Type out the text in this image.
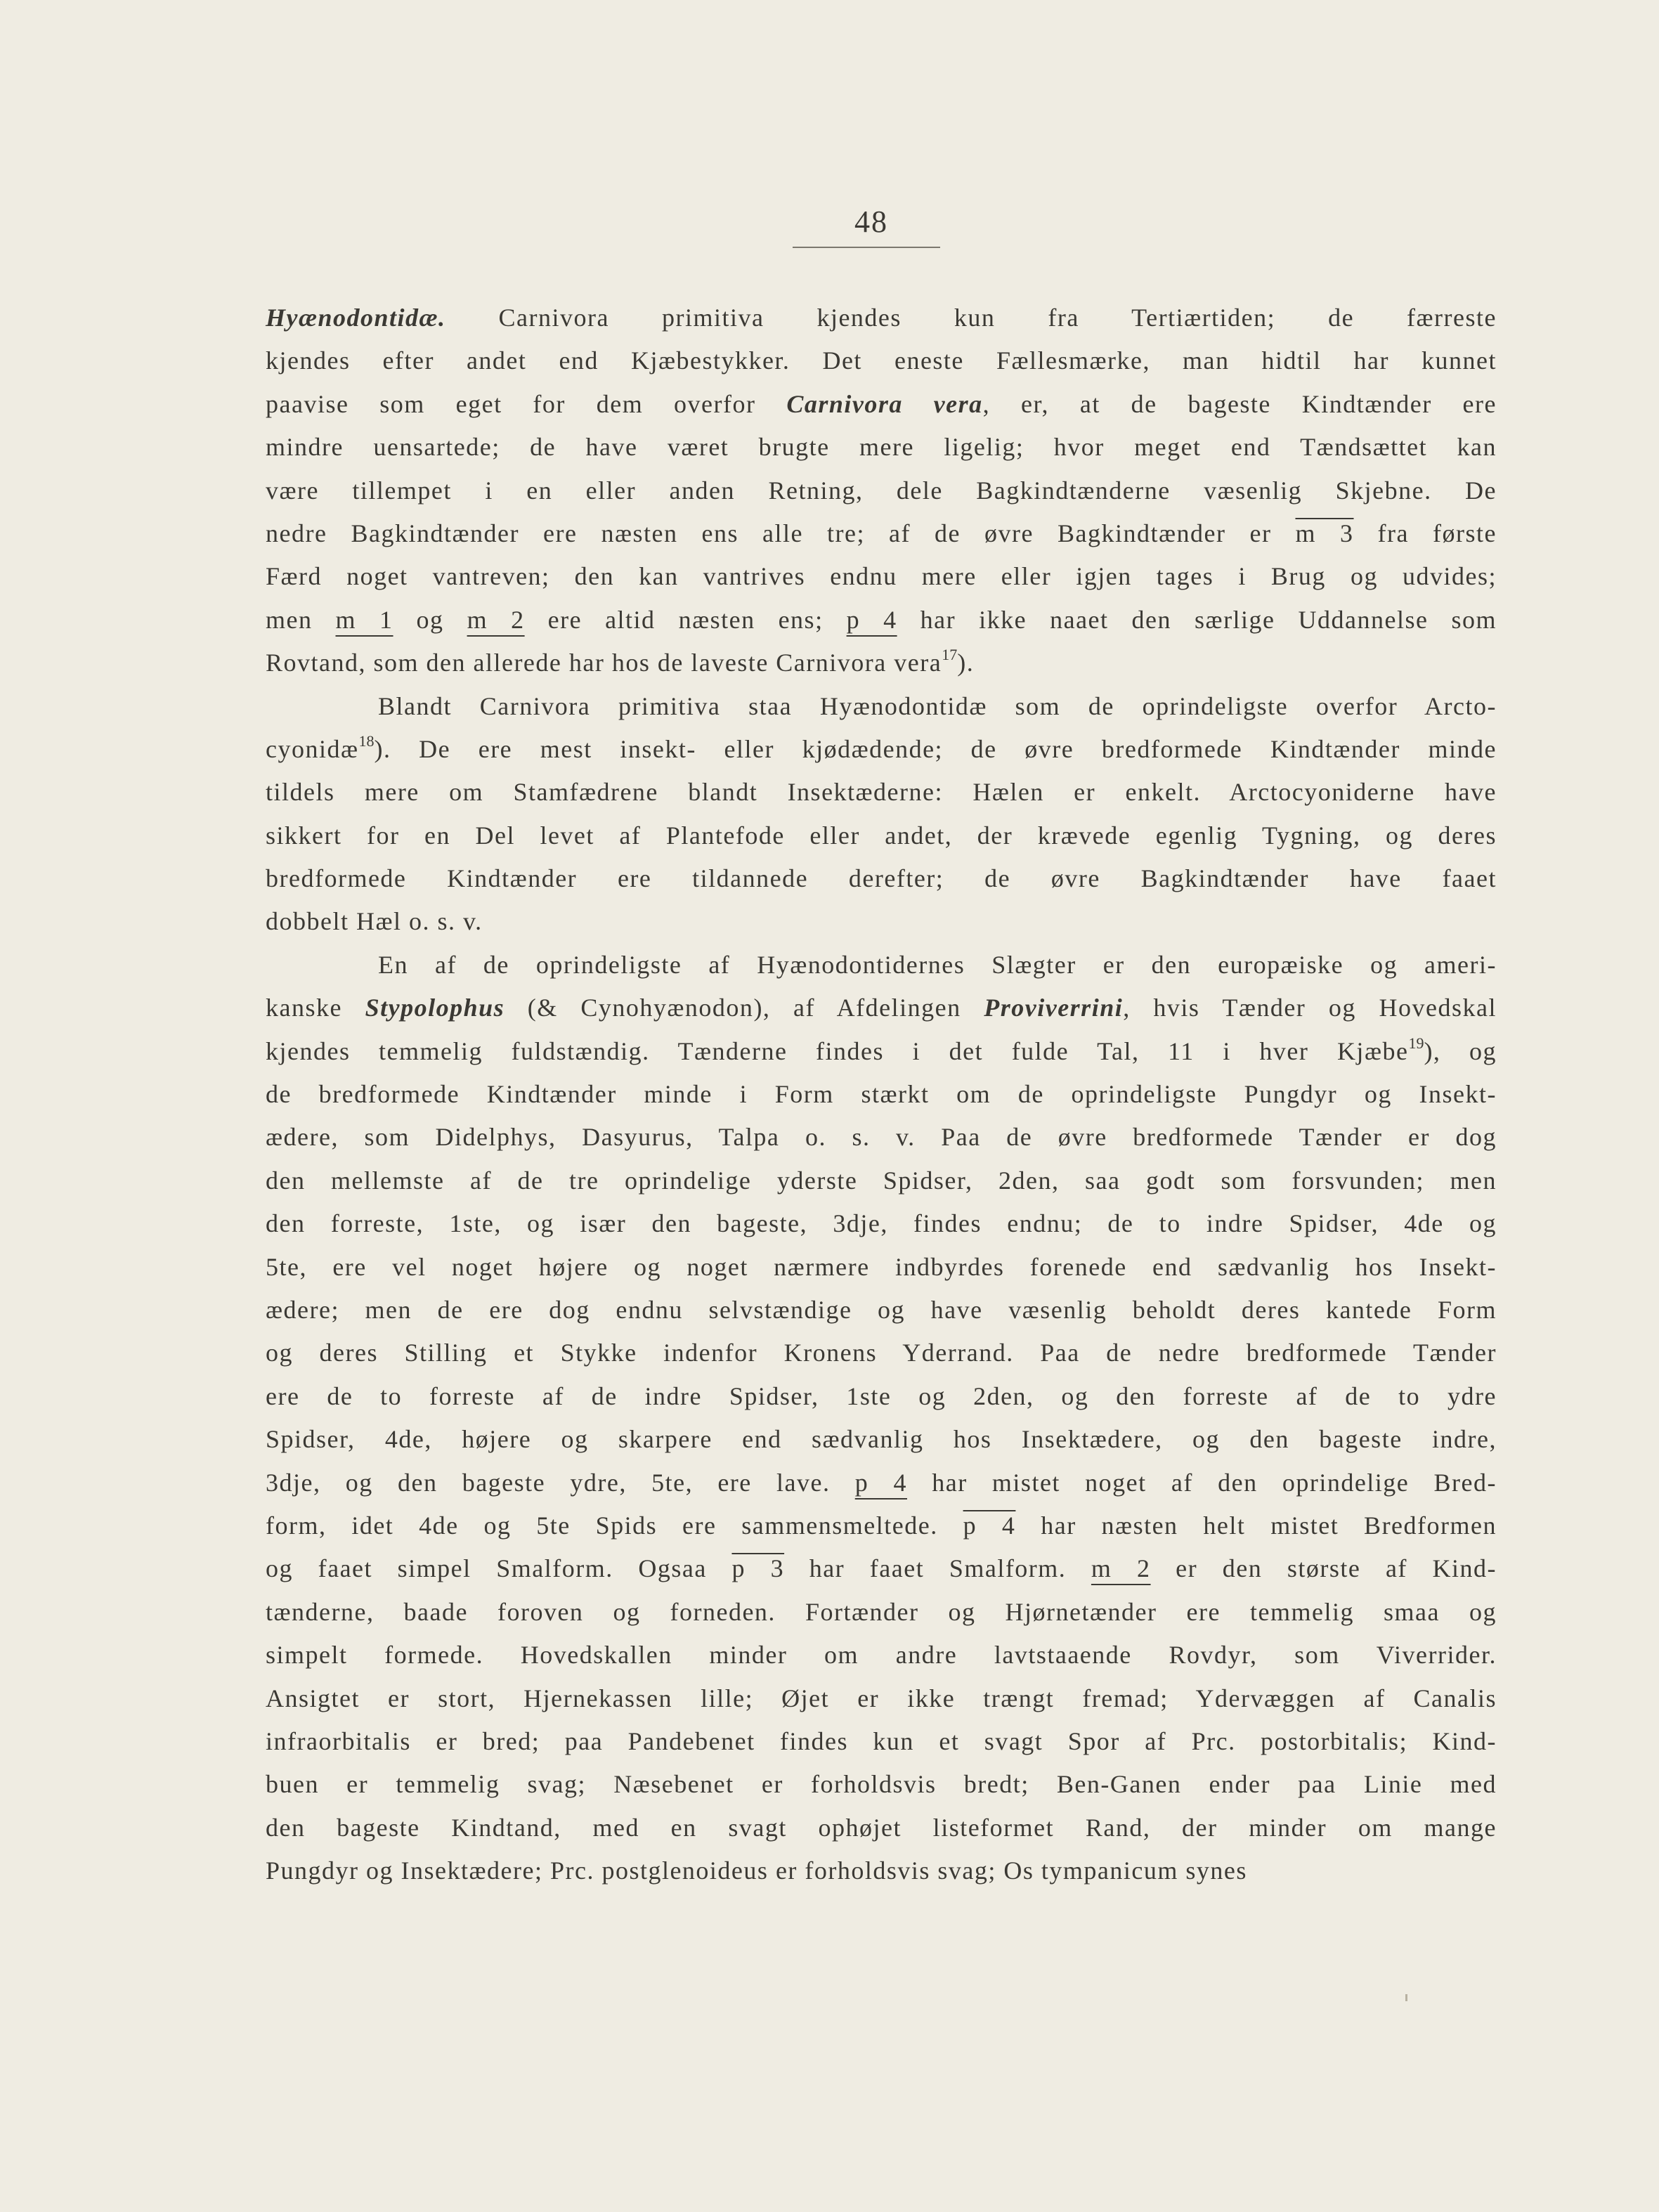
48
Hyænodontidæ. Carnivora primitiva kjendes kun fra Tertiærtiden; de færreste
kjendes efter andet end Kjæbestykker. Det eneste Fællesmærke, man hidtil har kunnet
paavise som eget for dem overfor Carnivora vera, er, at de bageste Kindtænder ere
mindre uensartede; de have været brugte mere ligelig; hvor meget end Tændsættet kan
være tillempet i en eller anden Retning, dele Bagkindtænderne væsenlig Skjebne. De
nedre Bagkindtænder ere næsten ens alle tre; af de øvre Bagkindtænder er m 3 fra første
Færd noget vantreven; den kan vantrives endnu mere eller igjen tages i Brug og udvides;
men m 1 og m 2 ere altid næsten ens; p 4 har ikke naaet den særlige Uddannelse som
Rovtand, som den allerede har hos de laveste Carnivora vera$^{17}$).
Blandt Carnivora primitiva staa Hyænodontidæ som de oprindeligste overfor Arcto-
cyonidæ$^{18}$). De ere mest insekt- eller kjødædende; de øvre bredformede Kindtænder minde
tildels mere om Stamfædrene blandt Insektæderne: Hælen er enkelt. Arctocyoniderne have
sikkert for en Del levet af Plantefode eller andet, der krævede egenlig Tygning, og deres
bredformede Kindtænder ere tildannede derefter; de øvre Bagkindtænder have faaet
dobbelt Hæl o. s. v.
En af de oprindeligste af Hyænodontidernes Slægter er den europæiske og ameri-
kanske Stypolophus (& Cynohyænodon), af Afdelingen Proviverrini, hvis Tænder og Hovedskal
kjendes temmelig fuldstændig. Tænderne findes i det fulde Tal, 11 i hver Kjæbe$^{19}$), og
de bredformede Kindtænder minde i Form stærkt om de oprindeligste Pungdyr og Insekt-
ædere, som Didelphys, Dasyurus, Talpa o. s. v. Paa de øvre bredformede Tænder er dog
den mellemste af de tre oprindelige yderste Spidser, 2den, saa godt som forsvunden; men
den forreste, 1ste, og især den bageste, 3dje, findes endnu; de to indre Spidser, 4de og
5te, ere vel noget højere og noget nærmere indbyrdes forenede end sædvanlig hos Insekt-
ædere; men de ere dog endnu selvstændige og have væsenlig beholdt deres kantede Form
og deres Stilling et Stykke indenfor Kronens Yderrand. Paa de nedre bredformede Tænder
ere de to forreste af de indre Spidser, 1ste og 2den, og den forreste af de to ydre
Spidser, 4de, højere og skarpere end sædvanlig hos Insektædere, og den bageste indre,
3dje, og den bageste ydre, 5te, ere lave. p 4 har mistet noget af den oprindelige Bred-
form, idet 4de og 5te Spids ere sammensmeltede. p 4 har næsten helt mistet Bredformen
og faaet simpel Smalform. Ogsaa p 3 har faaet Smalform. m 2 er den største af Kind-
tænderne, baade foroven og forneden. Fortænder og Hjørnetænder ere temmelig smaa og
simpelt formede. Hovedskallen minder om andre lavtstaaende Rovdyr, som Viverrider.
Ansigtet er stort, Hjernekassen lille; Øjet er ikke trængt fremad; Ydervæggen af Canalis
infraorbitalis er bred; paa Pandebenet findes kun et svagt Spor af Prc. postorbitalis; Kind-
buen er temmelig svag; Næsebenet er forholdsvis bredt; Ben-Ganen ender paa Linie med
den bageste Kindtand, med en svagt ophøjet listeformet Rand, der minder om mange
Pungdyr og Insektædere; Prc. postglenoideus er forholdsvis svag; Os tympanicum synes
